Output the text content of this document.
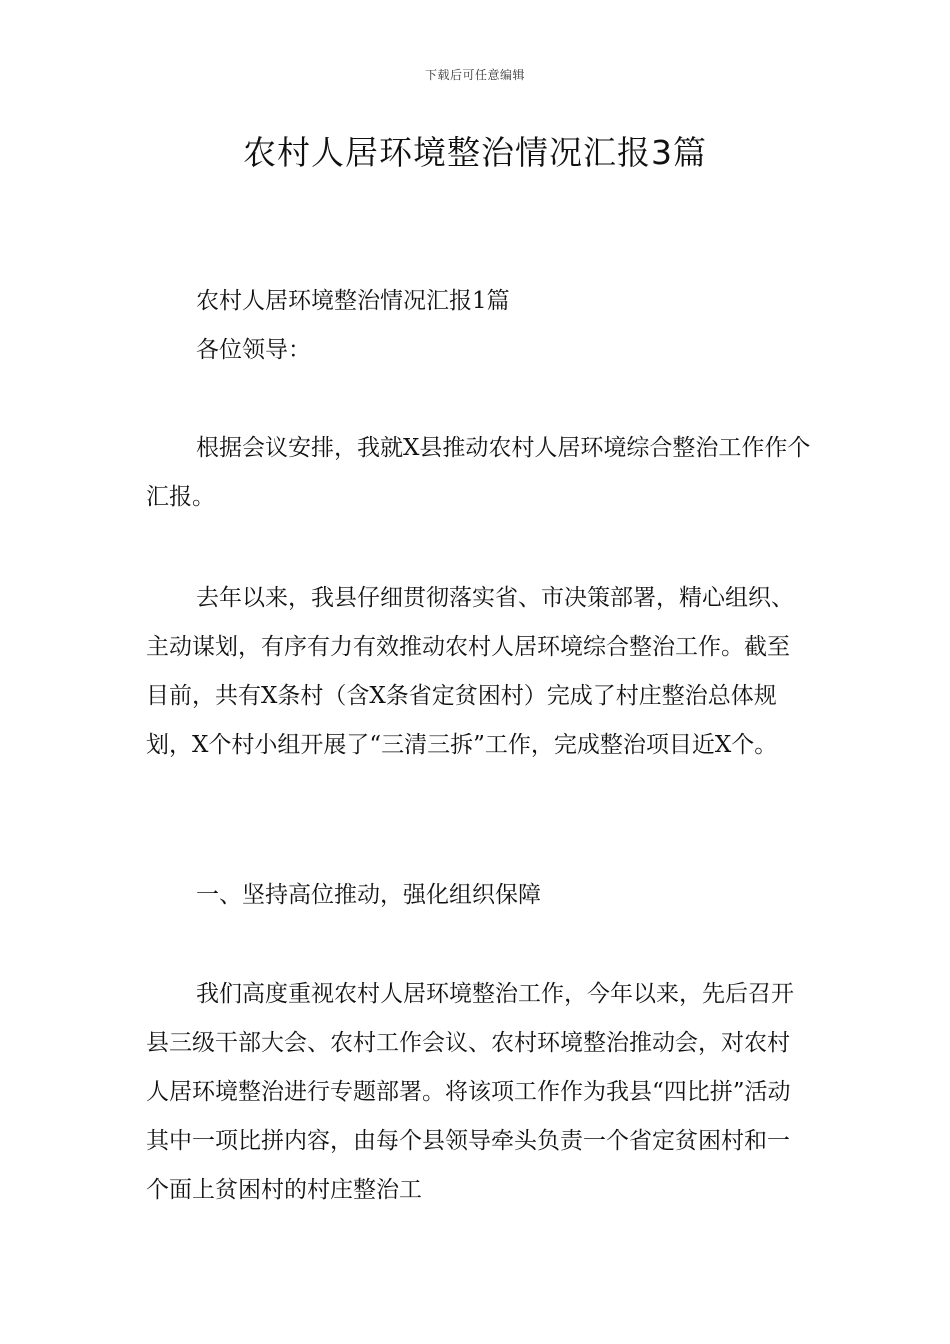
下载后可任意编辑
农村人居环境整治情况汇报3篇

农村人居环境整治情况汇报1篇

各位领导：

根据会议安排，我就X县推动农村人居环境综合整治工作作个汇报。

去年以来，我县仔细贯彻落实省、市决策部署，精心组织、主动谋划，有序有力有效推动农村人居环境综合整治工作。截至目前，共有X条村（含X条省定贫困村）完成了村庄整治总体规划，X个村小组开展了“三清三拆”工作，完成整治项目近X个。

一、坚持高位推动，强化组织保障

我们高度重视农村人居环境整治工作，今年以来，先后召开县三级干部大会、农村工作会议、农村环境整治推动会，对农村人居环境整治进行专题部署。将该项工作作为我县“四比拼”活动其中一项比拼内容，由每个县领导牵头负责一个省定贫困村和一个面上贫困村的村庄整治工
